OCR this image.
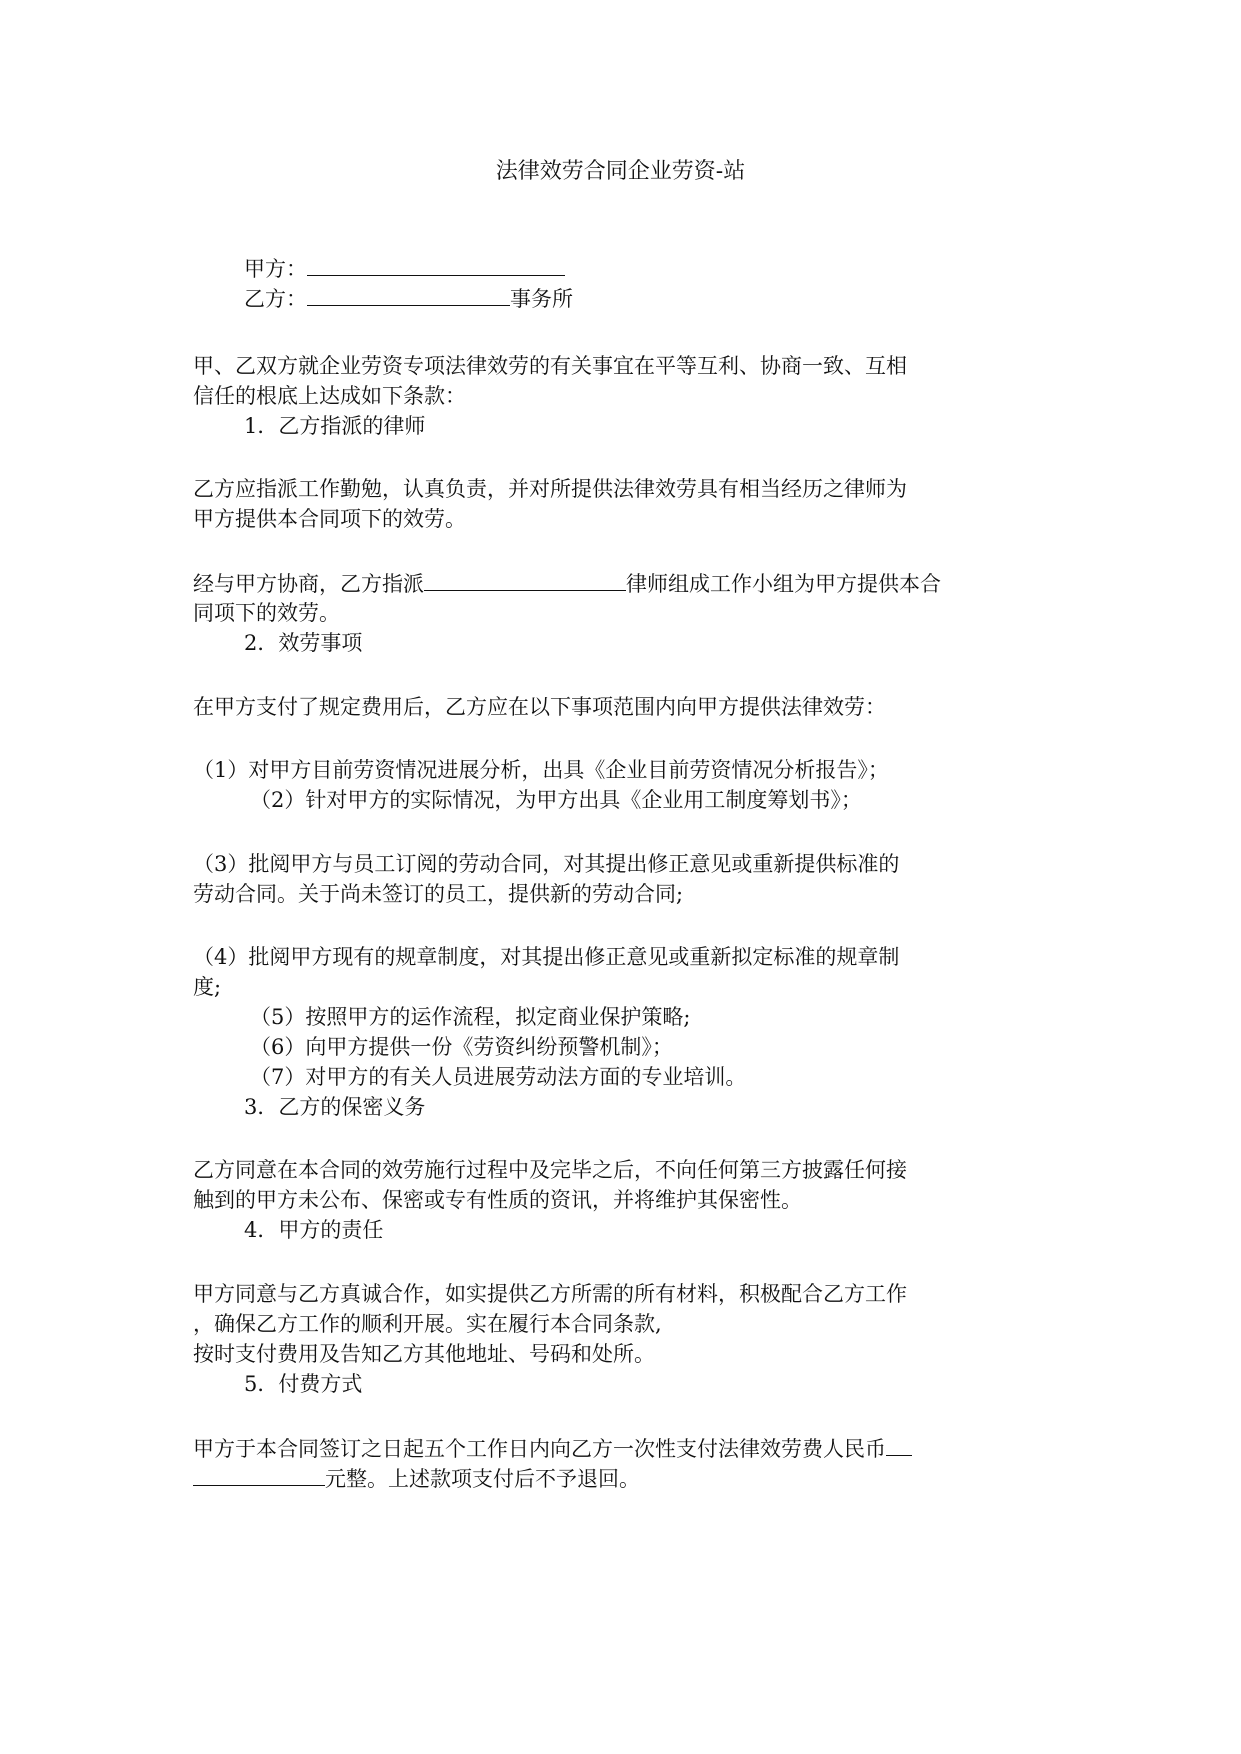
法律效劳合同企业劳资-站
甲方：
乙方：	事务所
甲、乙双方就企业劳资专项法律效劳的有关事宜在平等互利、协商一致、互相
信任的根底上达成如下条款：
1．乙方指派的律师
乙方应指派工作勤勉，认真负责，并对所提供法律效劳具有相当经历之律师为
甲方提供本合同项下的效劳。
经与甲方协商，乙方指派	律师组成工作小组为甲方提供本合
同项下的效劳。
2．效劳事项
在甲方支付了规定费用后，乙方应在以下事项范围内向甲方提供法律效劳：
（1）对甲方目前劳资情况进展分析，出具《企业目前劳资情况分析报告》；
（2）针对甲方的实际情况，为甲方出具《企业用工制度筹划书》；
（3）批阅甲方与员工订阅的劳动合同，对其提出修正意见或重新提供标准的
劳动合同。关于尚未签订的员工，提供新的劳动合同;
（4）批阅甲方现有的规章制度，对其提出修正意见或重新拟定标准的规章制
度;
（5）按照甲方的运作流程，拟定商业保护策略;
（6）向甲方提供一份《劳资纠纷预警机制》；
（7）对甲方的有关人员进展劳动法方面的专业培训。
3．乙方的保密义务
乙方同意在本合同的效劳施行过程中及完毕之后，不向任何第三方披露任何接
触到的甲方未公布、保密或专有性质的资讯，并将维护其保密性。
4．甲方的责任
甲方同意与乙方真诚合作，如实提供乙方所需的所有材料，积极配合乙方工作
，确保乙方工作的顺利开展。实在履行本合同条款,
按时支付费用及告知乙方其他地址、号码和处所。
5．付费方式
甲方于本合同签订之日起五个工作日内向乙方一次性支付法律效劳费人民币
元整。上述款项支付后不予退回。
